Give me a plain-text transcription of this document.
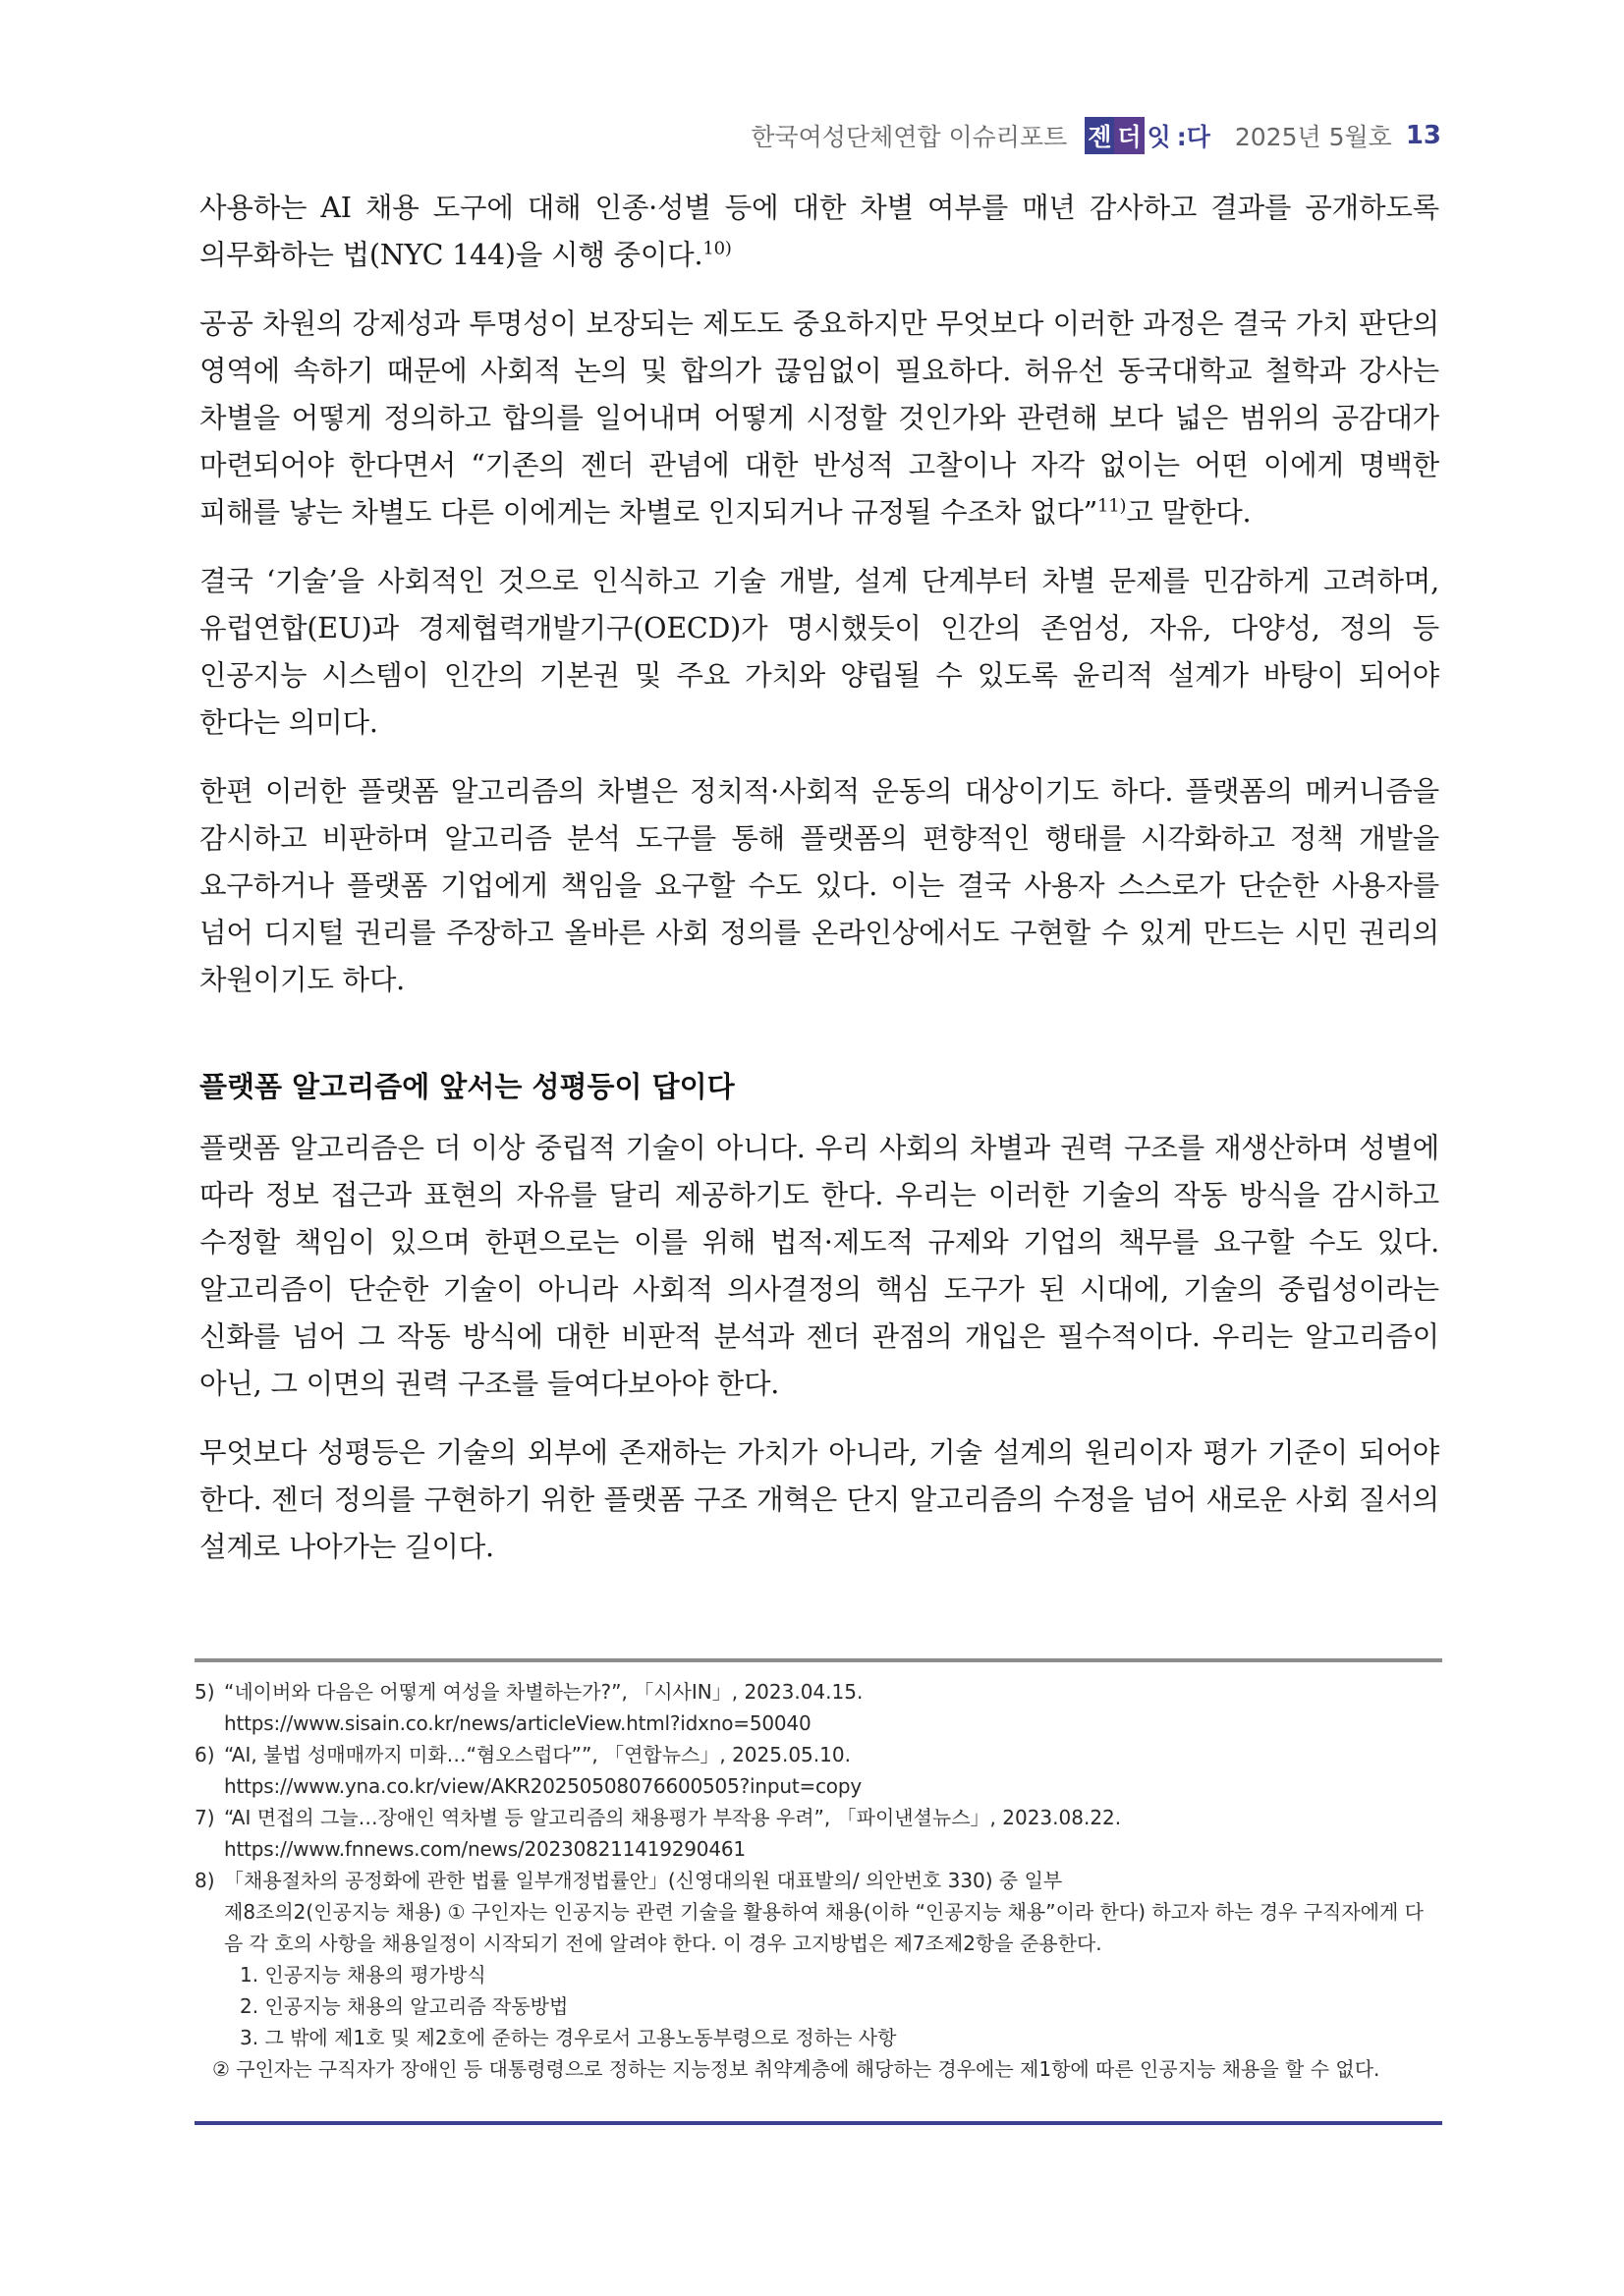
한국여성단체연합 이슈리포트 젠 더 잇 :다 2025년 5월호 13

사용하는 AI 채용 도구에 대해 인종·성별 등에 대한 차별 여부를 매년 감사하고 결과를 공개하도록 의무화하는 법(NYC 144)을 시행 중이다.$^{10)}$

공공 차원의 강제성과 투명성이 보장되는 제도도 중요하지만 무엇보다 이러한 과정은 결국 가치 판단의 영역에 속하기 때문에 사회적 논의 및 합의가 끊임없이 필요하다. 허유선 동국대학교 철학과 강사는 차별을 어떻게 정의하고 합의를 일어내며 어떻게 시정할 것인가와 관련해 보다 넓은 범위의 공감대가 마련되어야 한다면서 “기존의 젠더 관념에 대한 반성적 고찰이나 자각 없이는 어떤 이에게 명백한 피해를 낳는 차별도 다른 이에게는 차별로 인지되거나 규정될 수조차 없다”$^{11)}$고 말한다.

결국 ‘기술’을 사회적인 것으로 인식하고 기술 개발, 설계 단계부터 차별 문제를 민감하게 고려하며, 유럽연합(EU)과 경제협력개발기구(OECD)가 명시했듯이 인간의 존엄성, 자유, 다양성, 정의 등 인공지능 시스템이 인간의 기본권 및 주요 가치와 양립될 수 있도록 윤리적 설계가 바탕이 되어야 한다는 의미다.

한편 이러한 플랫폼 알고리즘의 차별은 정치적·사회적 운동의 대상이기도 하다. 플랫폼의 메커니즘을 감시하고 비판하며 알고리즘 분석 도구를 통해 플랫폼의 편향적인 행태를 시각화하고 정책 개발을 요구하거나 플랫폼 기업에게 책임을 요구할 수도 있다. 이는 결국 사용자 스스로가 단순한 사용자를 넘어 디지털 권리를 주장하고 올바른 사회 정의를 온라인상에서도 구현할 수 있게 만드는 시민 권리의 차원이기도 하다.

플랫폼 알고리즘에 앞서는 성평등이 답이다

플랫폼 알고리즘은 더 이상 중립적 기술이 아니다. 우리 사회의 차별과 권력 구조를 재생산하며 성별에 따라 정보 접근과 표현의 자유를 달리 제공하기도 한다. 우리는 이러한 기술의 작동 방식을 감시하고 수정할 책임이 있으며 한편으로는 이를 위해 법적·제도적 규제와 기업의 책무를 요구할 수도 있다. 알고리즘이 단순한 기술이 아니라 사회적 의사결정의 핵심 도구가 된 시대에, 기술의 중립성이라는 신화를 넘어 그 작동 방식에 대한 비판적 분석과 젠더 관점의 개입은 필수적이다. 우리는 알고리즘이 아닌, 그 이면의 권력 구조를 들여다보아야 한다.

무엇보다 성평등은 기술의 외부에 존재하는 가치가 아니라, 기술 설계의 원리이자 평가 기준이 되어야 한다. 젠더 정의를 구현하기 위한 플랫폼 구조 개혁은 단지 알고리즘의 수정을 넘어 새로운 사회 질서의 설계로 나아가는 길이다.

5) “네이버와 다음은 어떻게 여성을 차별하는가?”, 「시사IN」, 2023.04.15.
https://www.sisain.co.kr/news/articleView.html?idxno=50040
6) “AI, 불법 성매매까지 미화…“혐오스럽다””, 「연합뉴스」, 2025.05.10.
https://www.yna.co.kr/view/AKR20250508076600505?input=copy
7) “AI 면접의 그늘…장애인 역차별 등 알고리즘의 채용평가 부작용 우려”, 「파이낸셜뉴스」, 2023.08.22.
https://www.fnnews.com/news/202308211419290461
8) 「채용절차의 공정화에 관한 법률 일부개정법률안」(신영대의원 대표발의/ 의안번호 330) 중 일부
제8조의2(인공지능 채용) ① 구인자는 인공지능 관련 기술을 활용하여 채용(이하 “인공지능 채용”이라 한다) 하고자 하는 경우 구직자에게 다음 각 호의 사항을 채용일정이 시작되기 전에 알려야 한다. 이 경우 고지방법은 제7조제2항을 준용한다.
1. 인공지능 채용의 평가방식
2. 인공지능 채용의 알고리즘 작동방법
3. 그 밖에 제1호 및 제2호에 준하는 경우로서 고용노동부령으로 정하는 사항
② 구인자는 구직자가 장애인 등 대통령령으로 정하는 지능정보 취약계층에 해당하는 경우에는 제1항에 따른 인공지능 채용을 할 수 없다.
